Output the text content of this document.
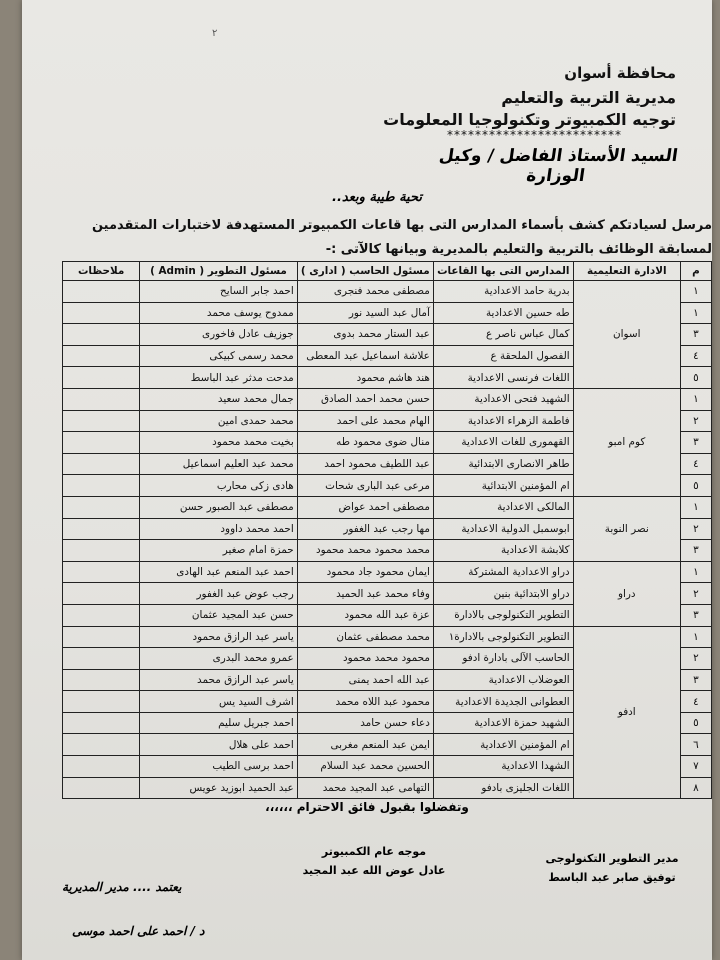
٢
محافظة أسوان
مديرية التربية والتعليم
توجيه الكمبيوتر وتكنولوجيا المعلومات
*************************
السيد الأستاذ الفاضل / وكيل الوزارة
تحية طيبة وبعد..
مرسل لسيادتكم كشف بأسماء المدارس التى بها قاعات الكمبيوتر المستهدفة لاختبارات المتقدمين لمسابقة الوظائف بالتربية والتعليم بالمديرية وبيانها كالآتى :-
م	الادارة التعليمية	المدارس التى بها القاعات	مسئول الحاسب ( ادارى )	مسئول التطوير ( Admin )	ملاحظات
١	اسوان	بدرية حامد الاعدادية	مصطفى محمد فنجرى	احمد جابر السايح	
١		طه حسين الاعدادية	آمال عبد السيد نور	ممدوح يوسف محمد	
٣		كمال عباس ناصر ع	عبد الستار محمد بدوى	جوزيف عادل فاخورى	
٤		الفصول الملحقة ع	علاشة اسماعيل عبد المعطى	محمد رسمى كبيكى	
٥		اللغات فرنسى الاعدادية	هند هاشم محمود	مدحت مدثر عبد الباسط	
١	كوم امبو	الشهيد فتحى الاعدادية	حسن محمد احمد الصادق	جمال محمد سعيد	
٢		فاطمة الزهراء الاعدادية	الهام محمد على احمد	محمد حمدى امين	
٣		القهمورى للغات الاعدادية	منال ضوى محمود طه	بخيت محمد محمود	
٤		طاهر الانصارى الابتدائية	عبد اللطيف محمود احمد	محمد عبد العليم اسماعيل	
٥		ام المؤمنين الابتدائية	مرعى عبد البارى شحات	هادى زكى محارب	
١	نصر النوبة	المالكى الاعدادية	مصطفى احمد عواض	مصطفى عبد الصبور حسن	
٢		ابوسمبل الدولية الاعدادية	مها رجب عبد الغفور	احمد محمد داوود	
٣		كلابشة الاعدادية	محمد محمود محمد محمود	حمزة امام صغير	
١	دراو	دراو الاعدادية المشتركة	ايمان محمود جاد محمود	احمد عبد المنعم عبد الهادى	
٢		دراو الابتدائية بنين	وفاء محمد عبد الحميد	رجب عوض عبد الغفور	
٣		التطوير التكنولوجى بالادارة	عزة عبد الله محمود	حسن عبد المجيد عثمان	
١	ادفو	التطوير التكنولوجى بالادارة١	محمد مصطفى عثمان	ياسر عبد الرازق محمود	
٢		الحاسب الآلى بادارة ادفو	محمود محمد محمود	عمرو محمد البدرى	
٣		العوضلاب الاعدادية	عبد الله احمد يمنى	ياسر عبد الرازق محمد	
٤		العطوانى الجديدة الاعدادية	محمود عبد اللاه محمد	اشرف السيد يس	
٥		الشهيد حمزة الاعدادية	دعاء حسن حامد	احمد جبريل سليم	
٦		ام المؤمنين الاعدادية	ايمن عبد المنعم مغربى	احمد على هلال	
٧		الشهدا الاعدادية	الحسين محمد عبد السلام	احمد برسى الطيب	
٨		اللغات الجليزى بادفو	التهامى عبد المجيد محمد	عبد الحميد ابوزيد عويس	
وتفضلوا بقبول فائق الاحترام ،،،،،،
مدير التطوير التكنولوجى
توفيق صابر عبد الباسط
موجه عام الكمبيوتر
عادل عوض الله عبد المجيد
يعتمد .... مدير المديرية
د / احمد على احمد موسى
